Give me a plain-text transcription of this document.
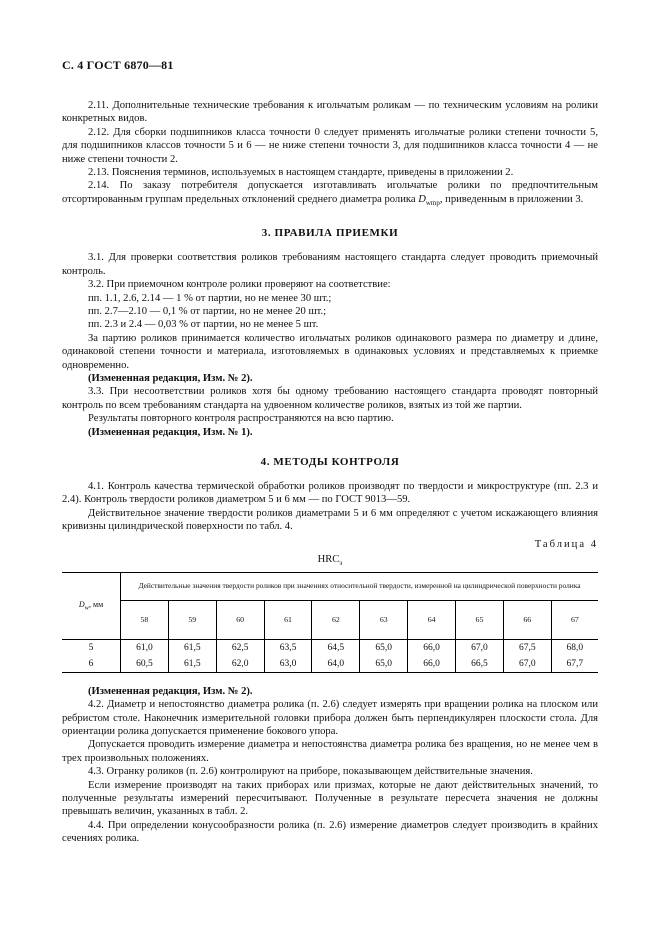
С. 4 ГОСТ 6870—81

2.11. Дополнительные технические требования к игольчатым роликам — по техническим условиям на ролики конкретных видов.

2.12. Для сборки подшипников класса точности 0 следует применять игольчатые ролики степени точности 5, для подшипников классов точности 5 и 6 — не ниже степени точности 3, для подшипников класса точности 4 — не ниже степени точности 2.

2.13. Пояснения терминов, используемых в настоящем стандарте, приведены в приложении 2.

2.14. По заказу потребителя допускается изготавливать игольчатые ролики по предпочтительным отсортированным группам предельных отклонений среднего диаметра ролика $D_{wmp}$, приведенным в приложении 3.

3. ПРАВИЛА ПРИЕМКИ

3.1. Для проверки соответствия роликов требованиям настоящего стандарта следует проводить приемочный контроль.

3.2. При приемочном контроле ролики проверяют на соответствие:

пп. 1.1, 2.6, 2.14 — 1 % от партии, но не менее 30 шт.;

пп. 2.7—2.10 — 0,1 % от партии, но не менее 20 шт.;

пп. 2.3 и 2.4 — 0,03 % от партии, но не менее 5 шт.

За партию роликов принимается количество игольчатых роликов одинакового размера по диаметру и длине, одинаковой степени точности и материала, изготовляемых в одинаковых условиях и представляемых к приемке одновременно.

(Измененная редакция, Изм. № 2).

3.3. При несоответствии роликов хотя бы одному требованию настоящего стандарта проводят повторный контроль по всем требованиям стандарта на удвоенном количестве роликов, взятых из той же партии.

Результаты повторного контроля распространяются на всю партию.

(Измененная редакция, Изм. № 1).

4. МЕТОДЫ КОНТРОЛЯ

4.1. Контроль качества термической обработки роликов производят по твердости и микроструктуре (пп. 2.3 и 2.4). Контроль твердости роликов диаметром 5 и 6 мм — по ГОСТ 9013—59.

Действительное значение твердости роликов диаметрами 5 и 6 мм определяют с учетом искажающего влияния кривизны цилиндрической поверхности по табл. 4.

Таблица 4
$HRC_э$
$D_w$, мм	Действительные значения твердости роликов при значениях относительной твердости, измеренной на цилиндрической поверхности ролика									
	58	59	60	61	62	63	64	65	66	67
5	61,0	61,5	62,5	63,5	64,5	65,0	66,0	67,0	67,5	68,0
6	60,5	61,5	62,0	63,0	64,0	65,0	66,0	66,5	67,0	67,7

(Измененная редакция, Изм. № 2).

4.2. Диаметр и непостоянство диаметра ролика (п. 2.6) следует измерять при вращении ролика на плоском или ребристом столе. Наконечник измерительной головки прибора должен быть перпендикулярен плоскости стола. Для ориентации ролика допускается применение бокового упора.

Допускается проводить измерение диаметра и непостоянства диаметра ролика без вращения, но не менее чем в трех произвольных положениях.

4.3. Огранку роликов (п. 2.6) контролируют на приборе, показывающем действительные значения.

Если измерение производят на таких приборах или призмах, которые не дают действительных значений, то полученные результаты измерений пересчитывают. Полученные в результате пересчета значения не должны превышать величин, указанных в табл. 2.

4.4. При определении конусообразности ролика (п. 2.6) измерение диаметров следует производить в крайних сечениях ролика.
